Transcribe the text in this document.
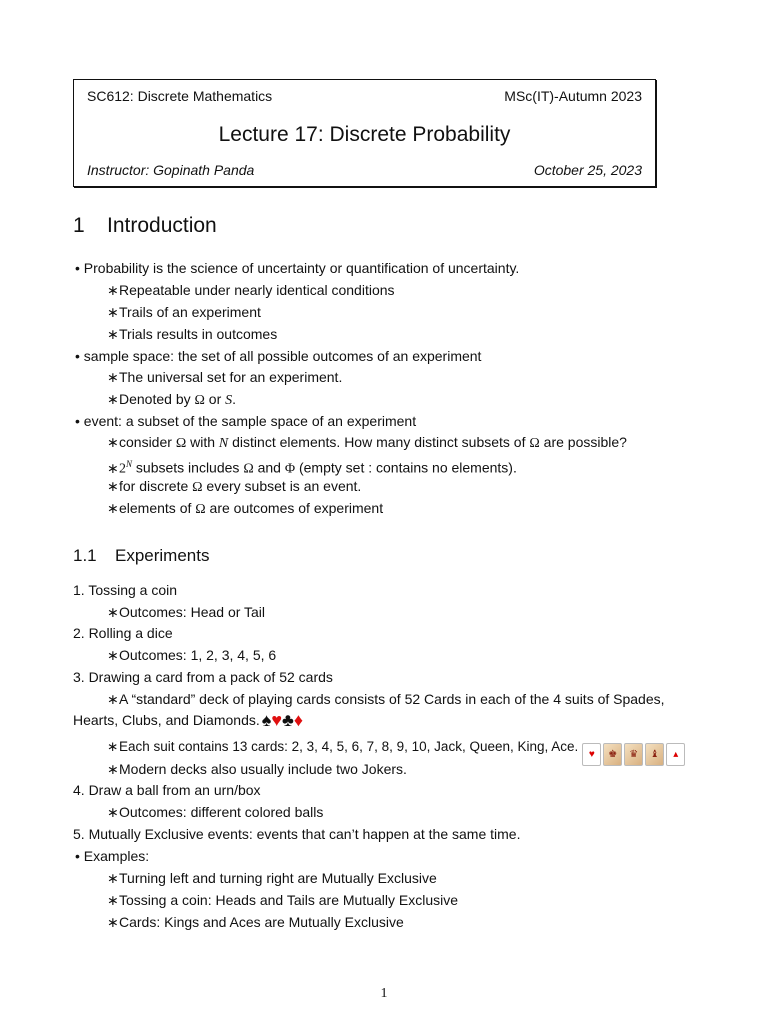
SC612: Discrete Mathematics	MSc(IT)-Autumn 2023
Lecture 17: Discrete Probability
Instructor: Gopinath Panda	October 25, 2023
1 Introduction
• Probability is the science of uncertainty or quantification of uncertainty.
∗Repeatable under nearly identical conditions
∗Trails of an experiment
∗Trials results in outcomes
• sample space: the set of all possible outcomes of an experiment
∗The universal set for an experiment.
∗Denoted by Ω or S.
• event: a subset of the sample space of an experiment
∗consider Ω with N distinct elements. How many distinct subsets of Ω are possible?
$∗2^N$ subsets includes Ω and Φ (empty set : contains no elements).
∗for discrete Ω every subset is an event.
∗elements of Ω are outcomes of experiment
1.1 Experiments
1. Tossing a coin
∗Outcomes: Head or Tail
2. Rolling a dice
∗Outcomes: 1, 2, 3, 4, 5, 6
3. Drawing a card from a pack of 52 cards
∗A “standard” deck of playing cards consists of 52 Cards in each of the 4 suits of Spades,
Hearts, Clubs, and Diamonds. ♠♥♣♦
∗Each suit contains 13 cards: 2, 3, 4, 5, 6, 7, 8, 9, 10, Jack, Queen, King, Ace.♥ ♚ ♛ ♝ ▴
∗Modern decks also usually include two Jokers.
4. Draw a ball from an urn/box
∗Outcomes: different colored balls
5. Mutually Exclusive events: events that can’t happen at the same time.
• Examples:
∗Turning left and turning right are Mutually Exclusive
∗Tossing a coin: Heads and Tails are Mutually Exclusive
∗Cards: Kings and Aces are Mutually Exclusive
1
